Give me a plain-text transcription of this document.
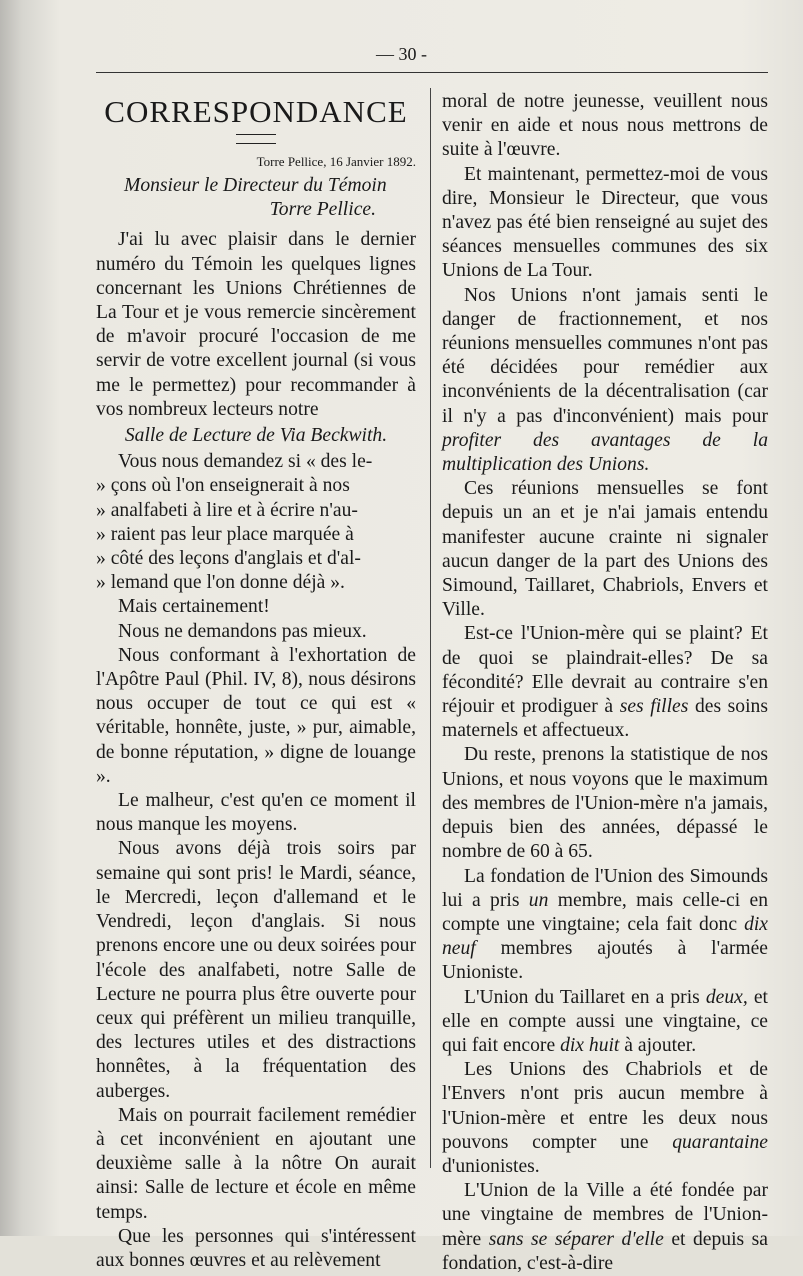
— 30 -
CORRESPONDANCE
Torre Pellice, 16 Janvier 1892.
Monsieur le Directeur du Témoin
Torre Pellice.

J'ai lu avec plaisir dans le dernier numéro du Témoin les quelques lignes concernant les Unions Chrétiennes de La Tour et je vous remercie sincèrement de m'avoir procuré l'occasion de me servir de votre excellent journal (si vous me le permettez) pour recommander à vos nombreux lecteurs notre

Salle de Lecture de Via Beckwith.

Vous nous demandez si « des le-

» çons où l'on enseignerait à nos

» analfabeti à lire et à écrire n'au-

» raient pas leur place marquée à

» côté des leçons d'anglais et d'al-

» lemand que l'on donne déjà ».

Mais certainement!

Nous ne demandons pas mieux.

Nous conformant à l'exhortation de l'Apôtre Paul (Phil. IV, 8), nous désirons nous occuper de tout ce qui est « véritable, honnête, juste, » pur, aimable, de bonne réputation, » digne de louange ».

Le malheur, c'est qu'en ce moment il nous manque les moyens.

Nous avons déjà trois soirs par semaine qui sont pris! le Mardi, séance, le Mercredi, leçon d'allemand et le Vendredi, leçon d'anglais. Si nous prenons encore une ou deux soirées pour l'école des analfabeti, notre Salle de Lecture ne pourra plus être ouverte pour ceux qui préfèrent un milieu tranquille, des lectures utiles et des distractions honnêtes, à la fréquentation des auberges.

Mais on pourrait facilement remédier à cet inconvénient en ajoutant une deuxième salle à la nôtre On aurait ainsi: Salle de lecture et école en même temps.

Que les personnes qui s'intéressent aux bonnes œuvres et au relèvement

moral de notre jeunesse, veuillent nous venir en aide et nous nous mettrons de suite à l'œuvre.

Et maintenant, permettez-moi de vous dire, Monsieur le Directeur, que vous n'avez pas été bien renseigné au sujet des séances mensuelles communes des six Unions de La Tour.

Nos Unions n'ont jamais senti le danger de fractionnement, et nos réunions mensuelles communes n'ont pas été décidées pour remédier aux inconvénients de la décentralisation (car il n'y a pas d'inconvénient) mais pour profiter des avantages de la multiplication des Unions.

Ces réunions mensuelles se font depuis un an et je n'ai jamais entendu manifester aucune crainte ni signaler aucun danger de la part des Unions des Simound, Taillaret, Chabriols, Envers et Ville.

Est-ce l'Union-mère qui se plaint? Et de quoi se plaindrait-elles? De sa fécondité? Elle devrait au contraire s'en réjouir et prodiguer à ses filles des soins maternels et affectueux.

Du reste, prenons la statistique de nos Unions, et nous voyons que le maximum des membres de l'Union-mère n'a jamais, depuis bien des années, dépassé le nombre de 60 à 65.

La fondation de l'Union des Simounds lui a pris un membre, mais celle-ci en compte une vingtaine; cela fait donc dix neuf membres ajoutés à l'armée Unioniste.

L'Union du Taillaret en a pris deux, et elle en compte aussi une vingtaine, ce qui fait encore dix huit à ajouter.

Les Unions des Chabriols et de l'Envers n'ont pris aucun membre à l'Union-mère et entre les deux nous pouvons compter une quarantaine d'unionistes.

L'Union de la Ville a été fondée par une vingtaine de membres de l'Union-mère sans se séparer d'elle et depuis sa fondation, c'est-à-dire
